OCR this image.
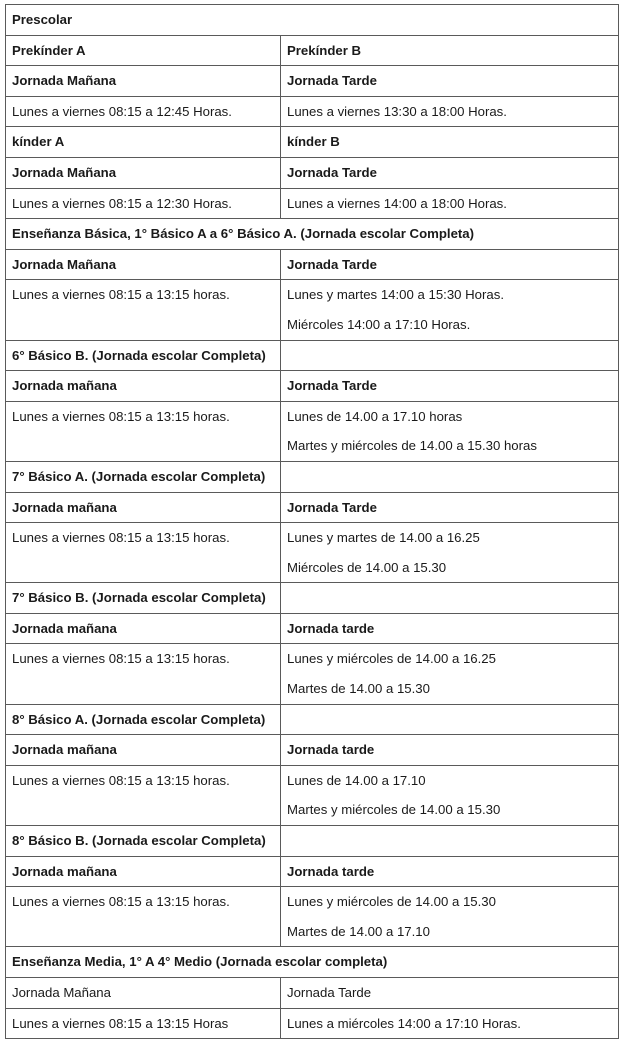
Prescolar	

Prekínder A	Prekínder B

Jornada Mañana	Jornada Tarde

Lunes a viernes 08:15 a 12:45 Horas.	Lunes a viernes 13:30 a 18:00 Horas.

kínder A	kínder B

Jornada Mañana	Jornada Tarde

Lunes a viernes 08:15 a 12:30 Horas.	Lunes a viernes 14:00 a 18:00 Horas.

Enseñanza Básica, 1° Básico A a 6° Básico A. (Jornada escolar Completa)	

Jornada Mañana	Jornada Tarde

Lunes a viernes 08:15 a 13:15 horas.	Lunes y martes 14:00 a 15:30 Horas.
Miércoles 14:00 a 17:10 Horas.

6° Básico B. (Jornada escolar Completa)	

Jornada mañana	Jornada Tarde

Lunes a viernes 08:15 a 13:15 horas.	Lunes de 14.00 a 17.10 horas
Martes y miércoles de 14.00 a 15.30 horas

7° Básico A. (Jornada escolar Completa)	

Jornada mañana	Jornada Tarde

Lunes a viernes 08:15 a 13:15 horas.	Lunes y martes de 14.00 a 16.25
Miércoles de 14.00 a 15.30

7° Básico B. (Jornada escolar Completa)	

Jornada mañana	Jornada tarde

Lunes a viernes 08:15 a 13:15 horas.	Lunes y miércoles de 14.00 a 16.25
Martes de 14.00 a 15.30

8° Básico A. (Jornada escolar Completa)	

Jornada mañana	Jornada tarde

Lunes a viernes 08:15 a 13:15 horas.	Lunes de 14.00 a 17.10
Martes y miércoles de 14.00 a 15.30

8° Básico B. (Jornada escolar Completa)	

Jornada mañana	Jornada tarde

Lunes a viernes 08:15 a 13:15 horas.	Lunes y miércoles de 14.00 a 15.30
Martes de 14.00 a 17.10

Enseñanza Media, 1° A 4° Medio (Jornada escolar completa)	

Jornada Mañana	Jornada Tarde

Lunes a viernes 08:15 a 13:15 Horas	Lunes a miércoles 14:00 a 17:10 Horas.
